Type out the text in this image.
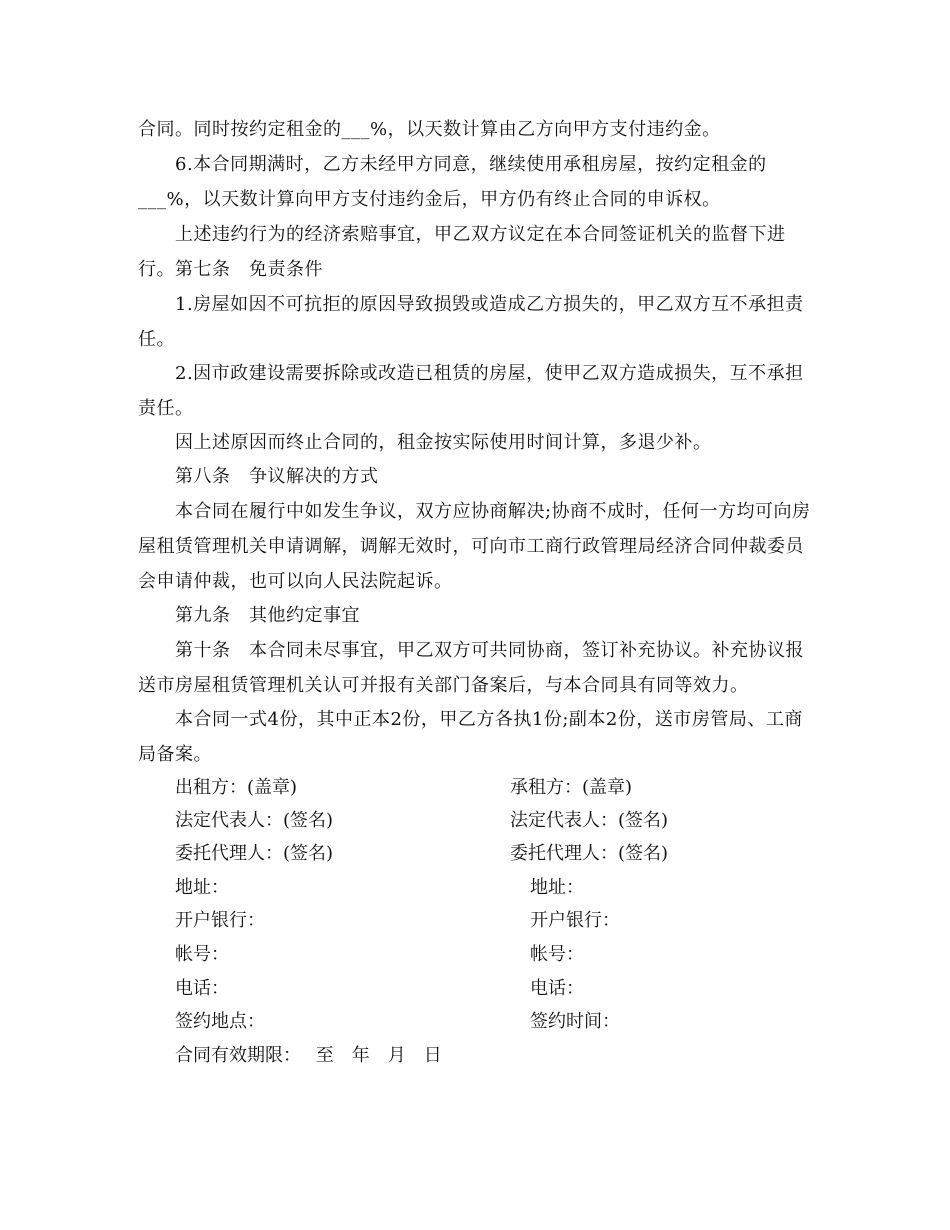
合同。同时按约定租金的___%，以天数计算由乙方向甲方支付违约金。

6.本合同期满时，乙方未经甲方同意，继续使用承租房屋，按约定租金的___%，以天数计算向甲方支付违约金后，甲方仍有终止合同的申诉权。

上述违约行为的经济索赔事宜，甲乙双方议定在本合同签证机关的监督下进行。 第七条　免责条件

1.房屋如因不可抗拒的原因导致损毁或造成乙方损失的，甲乙双方互不承担责任。

2.因市政建设需要拆除或改造已租赁的房屋，使甲乙双方造成损失，互不承担责任。

因上述原因而终止合同的，租金按实际使用时间计算，多退少补。

第八条　争议解决的方式

本合同在履行中如发生争议，双方应协商解决;协商不成时，任何一方均可向房屋租赁管理机关申请调解，调解无效时，可向市工商行政管理局经济合同仲裁委员会申请仲裁，也可以向人民法院起诉。

第九条　其他约定事宜

第十条　本合同未尽事宜，甲乙双方可共同协商，签订补充协议。补充协议报送市房屋租赁管理机关认可并报有关部门备案后，与本合同具有同等效力。

本合同一式4份，其中正本2份，甲乙方各执1份;副本2份，送市房管局、工商局备案。

出租方：(盖章)
法定代表人：(签名)
委托代理人：(签名)
地址：
开户银行：
帐号：
电话：
签约地点：
承租方：(盖章)
法定代表人：(签名)
委托代理人：(签名)
地址：
开户银行：
帐号：
电话：
签约时间：
合同有效期限：　 至　年　月　日
